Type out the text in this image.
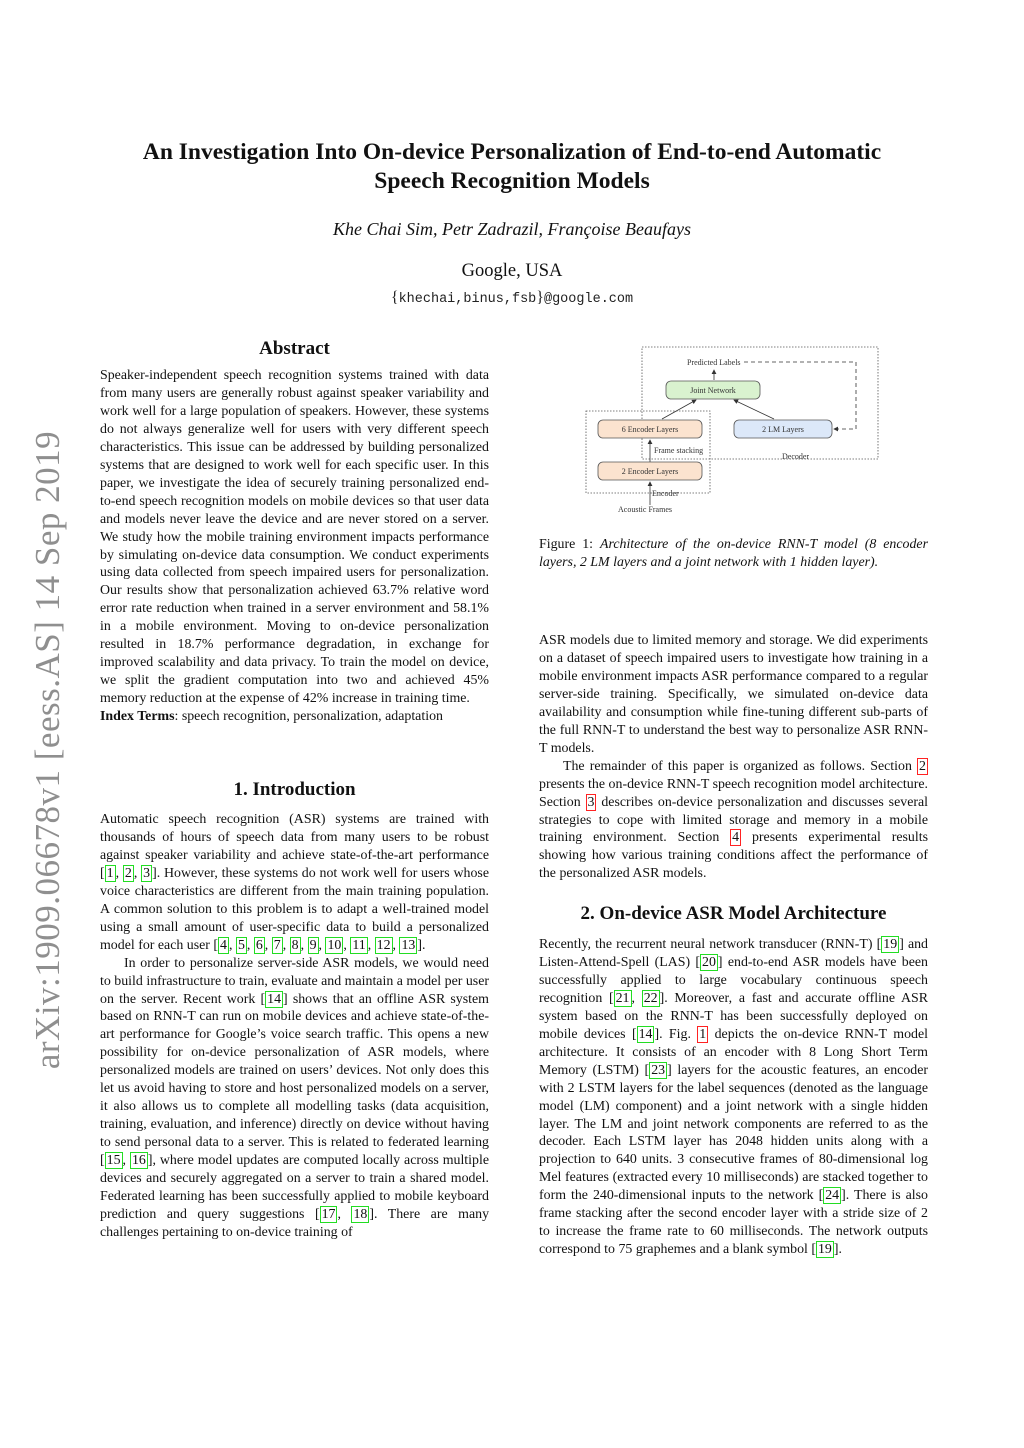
arXiv:1909.06678v1 [eess.AS] 14 Sep 2019
An Investigation Into On-device Personalization of End-to-end Automatic
Speech Recognition Models
Khe Chai Sim, Petr Zadrazil, Françoise Beaufays
Google, USA
{khechai,binus,fsb}@google.com
Abstract

Speaker-independent speech recognition systems trained with data from many users are generally robust against speaker variability and work well for a large population of speakers. However, these systems do not always generalize well for users with very different speech characteristics. This issue can be addressed by building personalized systems that are designed to work well for each specific user. In this paper, we investigate the idea of securely training personalized end-to-end speech recognition models on mobile devices so that user data and models never leave the device and are never stored on a server. We study how the mobile training environment impacts performance by simulating on-device data consumption. We conduct experiments using data collected from speech impaired users for personalization. Our results show that personalization achieved 63.7% relative word error rate reduction when trained in a server environment and 58.1% in a mobile environment. Moving to on-device personalization resulted in 18.7% performance degradation, in exchange for improved scalability and data privacy. To train the model on device, we split the gradient computation into two and achieved 45% memory reduction at the expense of 42% increase in training time.

Index Terms: speech recognition, personalization, adaptation

1. Introduction

Automatic speech recognition (ASR) systems are trained with thousands of hours of speech data from many users to be robust against speaker variability and achieve state-of-the-art performance [ 1 , 2 , 3 ]. However, these systems do not work well for users whose voice characteristics are different from the main training population. A common solution to this problem is to adapt a well-trained model using a small amount of user-specific data to build a personalized model for each user [ 4 , 5 , 6 , 7 , 8 , 9 , 10 , 11 , 12 , 13 ].

In order to personalize server-side ASR models, we would need to build infrastructure to train, evaluate and maintain a model per user on the server. Recent work [ 14 ] shows that an offline ASR system based on RNN-T can run on mobile devices and achieve state-of-the-art performance for Google’s voice search traffic. This opens a new possibility for on-device personalization of ASR models, where personalized models are trained on users’ devices. Not only does this let us avoid having to store and host personalized models on a server, it also allows us to complete all modelling tasks (data acquisition, training, evaluation, and inference) directly on device without having to send personal data to a server. This is related to federated learning [ 15 , 16 ], where model updates are computed locally across multiple devices and securely aggregated on a server to train a shared model. Federated learning has been successfully applied to mobile keyboard prediction and query suggestions [ 17 , 18 ]. There are many challenges pertaining to on-device training of

Predicted Labels
Joint Network
6 Encoder Layers	2 LM Layers
Frame stacking
Decoder
2 Encoder Layers
Encoder
Acoustic Frames
Figure 1: Architecture of the on-device RNN-T model (8 encoder layers, 2 LM layers and a joint network with 1 hidden layer).

ASR models due to limited memory and storage. We did experiments on a dataset of speech impaired users to investigate how training in a mobile environment impacts ASR performance compared to a regular server-side training. Specifically, we simulated on-device data availability and consumption while fine-tuning different sub-parts of the full RNN-T to understand the best way to personalize ASR RNN-T models.

The remainder of this paper is organized as follows. Section 2 presents the on-device RNN-T speech recognition model architecture. Section 3 describes on-device personalization and discusses several strategies to cope with limited storage and memory in a mobile training environment. Section 4 presents experimental results showing how various training conditions affect the performance of the personalized ASR models.

2. On-device ASR Model Architecture

Recently, the recurrent neural network transducer (RNN-T) [ 19 ] and Listen-Attend-Spell (LAS) [ 20 ] end-to-end ASR models have been successfully applied to large vocabulary continuous speech recognition [ 21 , 22 ]. Moreover, a fast and accurate offline ASR system based on the RNN-T has been successfully deployed on mobile devices [ 14 ]. Fig. 1 depicts the on-device RNN-T model architecture. It consists of an encoder with 8 Long Short Term Memory (LSTM) [ 23 ] layers for the acoustic features, an encoder with 2 LSTM layers for the label sequences (denoted as the language model (LM) component) and a joint network with a single hidden layer. The LM and joint network components are referred to as the decoder. Each LSTM layer has 2048 hidden units along with a projection to 640 units. 3 consecutive frames of 80-dimensional log Mel features (extracted every 10 milliseconds) are stacked together to form the 240-dimensional inputs to the network [ 24 ]. There is also frame stacking after the second encoder layer with a stride size of 2 to increase the frame rate to 60 milliseconds. The network outputs correspond to 75 graphemes and a blank symbol [ 19 ].
